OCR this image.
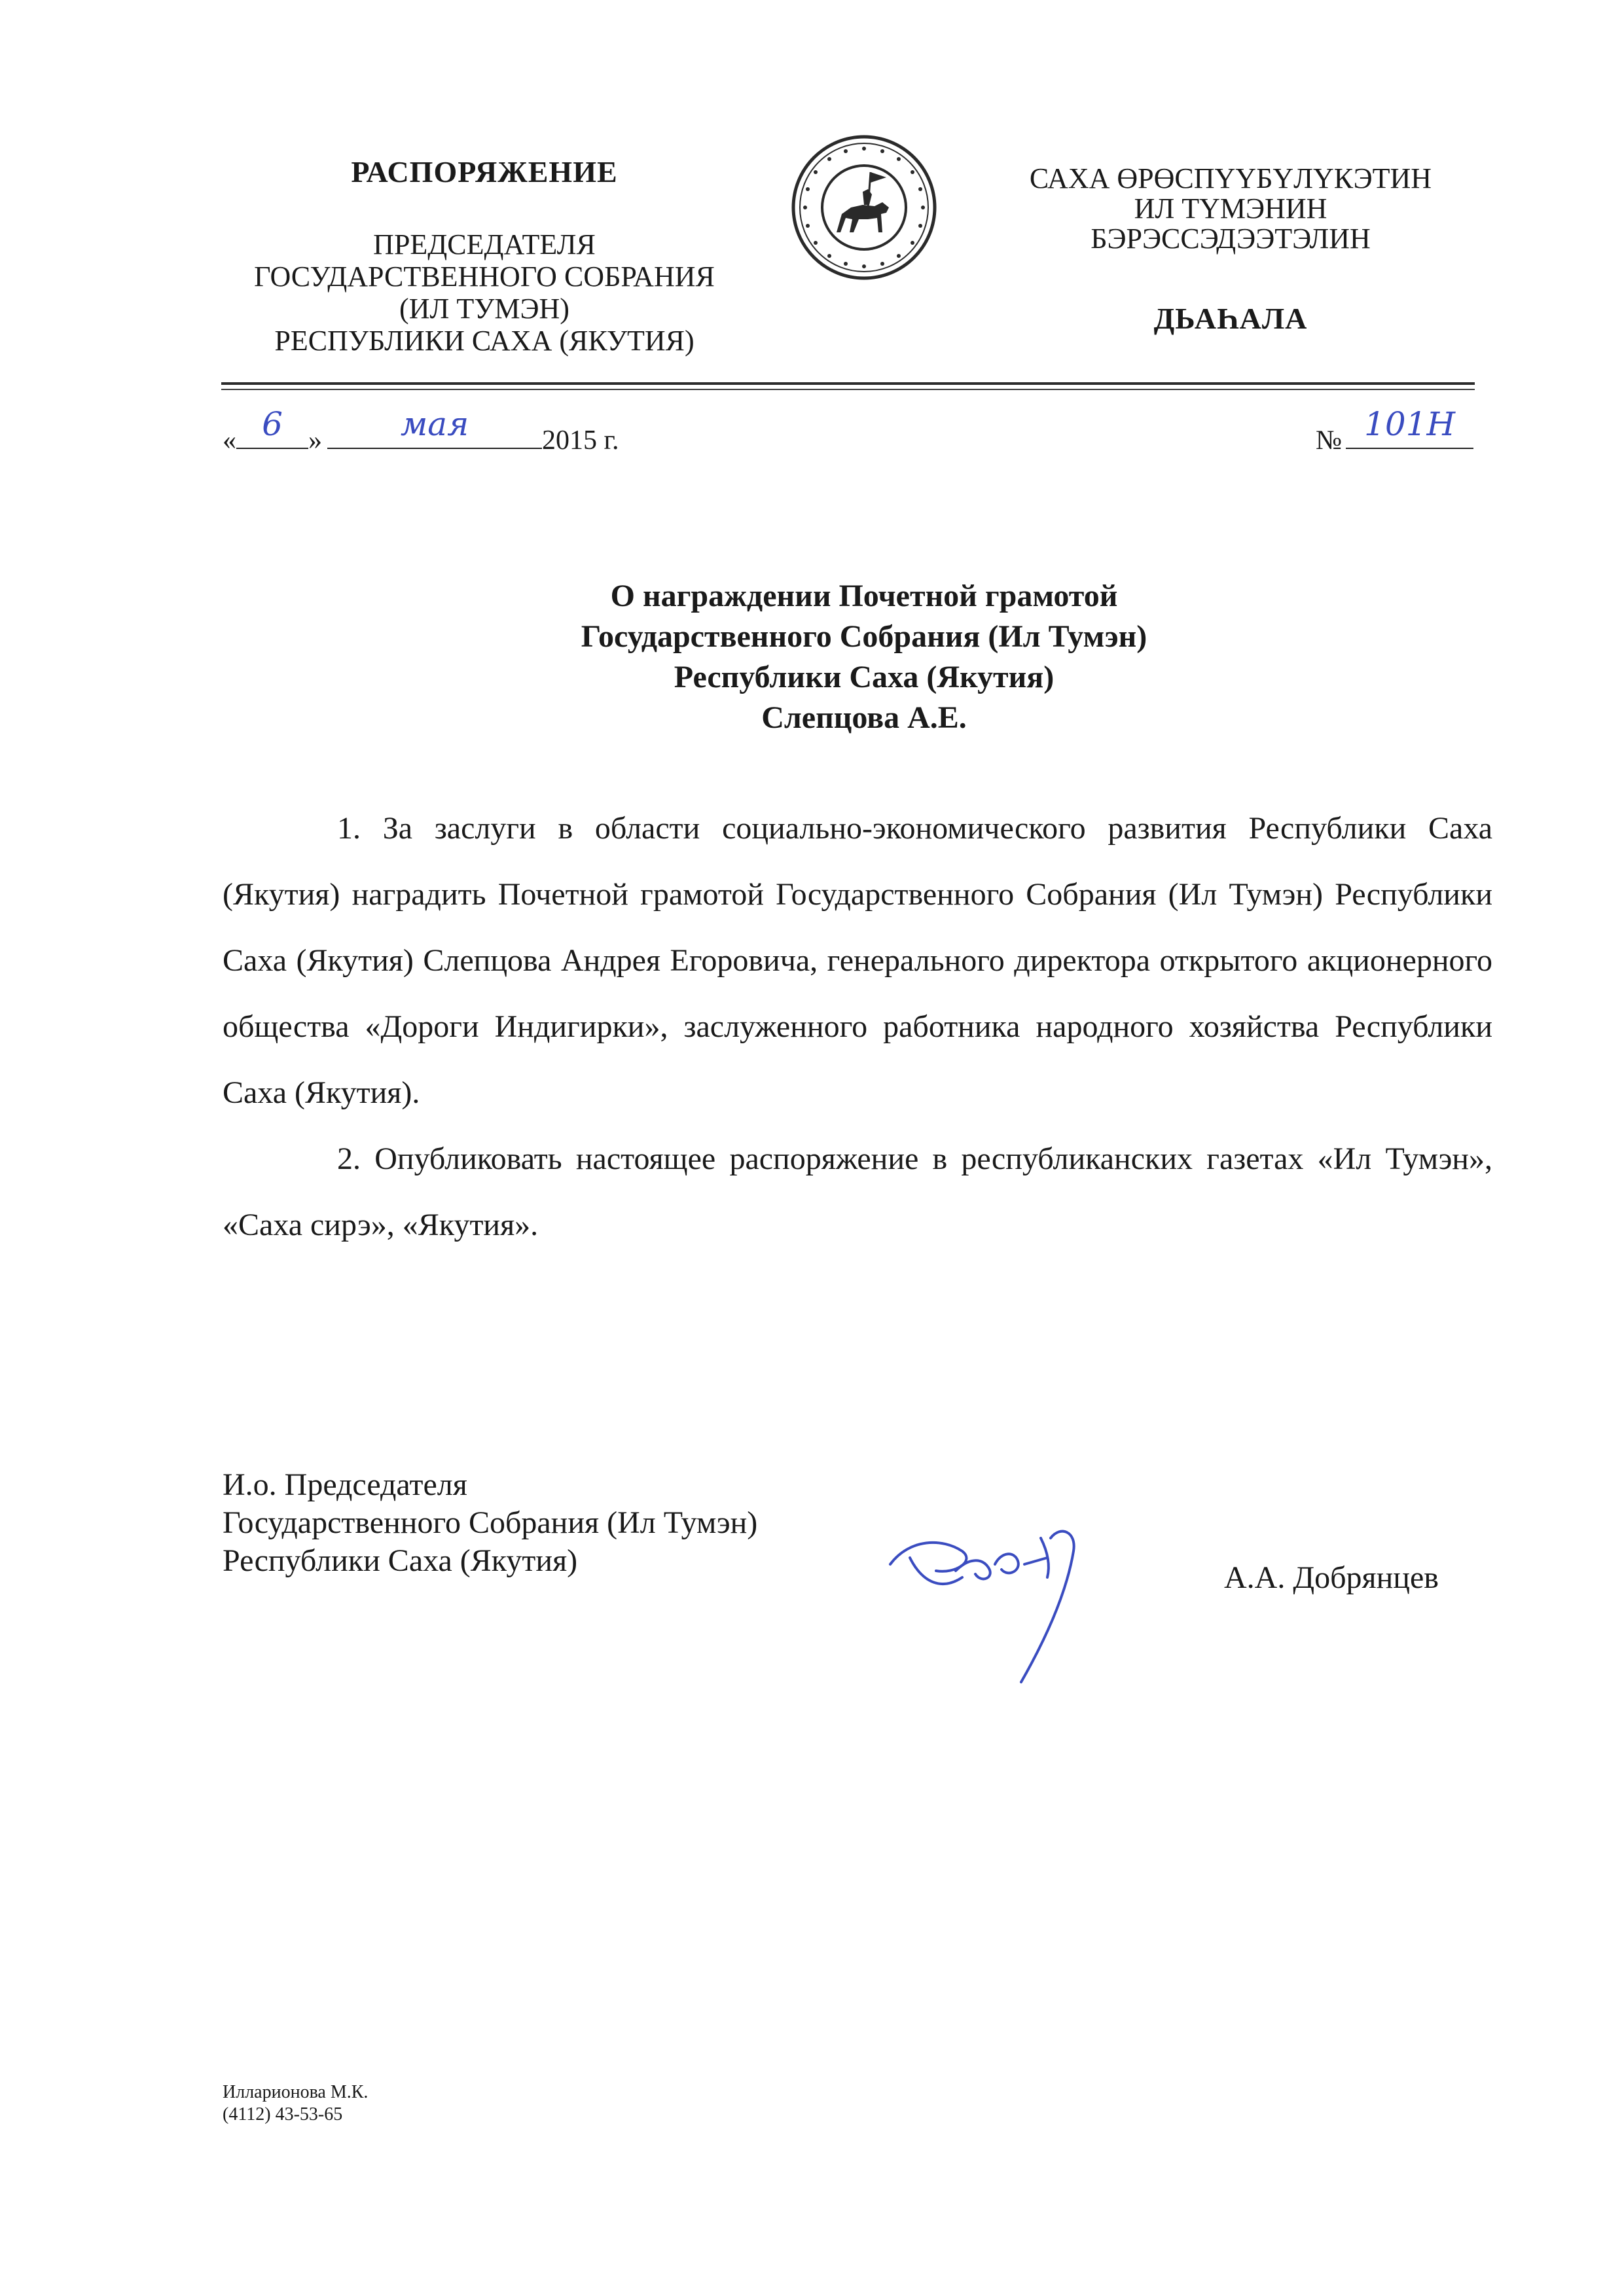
РАСПОРЯЖЕНИЕ
ПРЕДСЕДАТЕЛЯ
ГОСУДАРСТВЕННОГО СОБРАНИЯ
(ИЛ ТУМЭН)
РЕСПУБЛИКИ САХА (ЯКУТИЯ)
САХА ӨРӨСПҮҮБҮЛҮКЭТИН
ИЛ ТҮМЭНИН
БЭРЭССЭДЭЭТЭЛИН
ДЬАҺАЛА
« 6 »	мая	2015 г.	№ 101Н
О награждении Почетной грамотой
Государственного Собрания (Ил Тумэн)
Республики Саха (Якутия)
Слепцова А.Е.

1. За заслуги в области социально-экономического развития Республики Саха (Якутия) наградить Почетной грамотой Государственного Собрания (Ил Тумэн) Республики Саха (Якутия) Слепцова Андрея Егоровича, генерального директора открытого акционерного общества «Дороги Индигирки», заслуженного работника народного хозяйства Республики Саха (Якутия).

2. Опубликовать настоящее распоряжение в республиканских газетах «Ил Тумэн», «Саха сирэ», «Якутия».

И.о. Председателя
Государственного Собрания (Ил Тумэн)
Республики Саха (Якутия)	А.А. Добрянцев
Илларионова М.К.
(4112) 43-53-65
